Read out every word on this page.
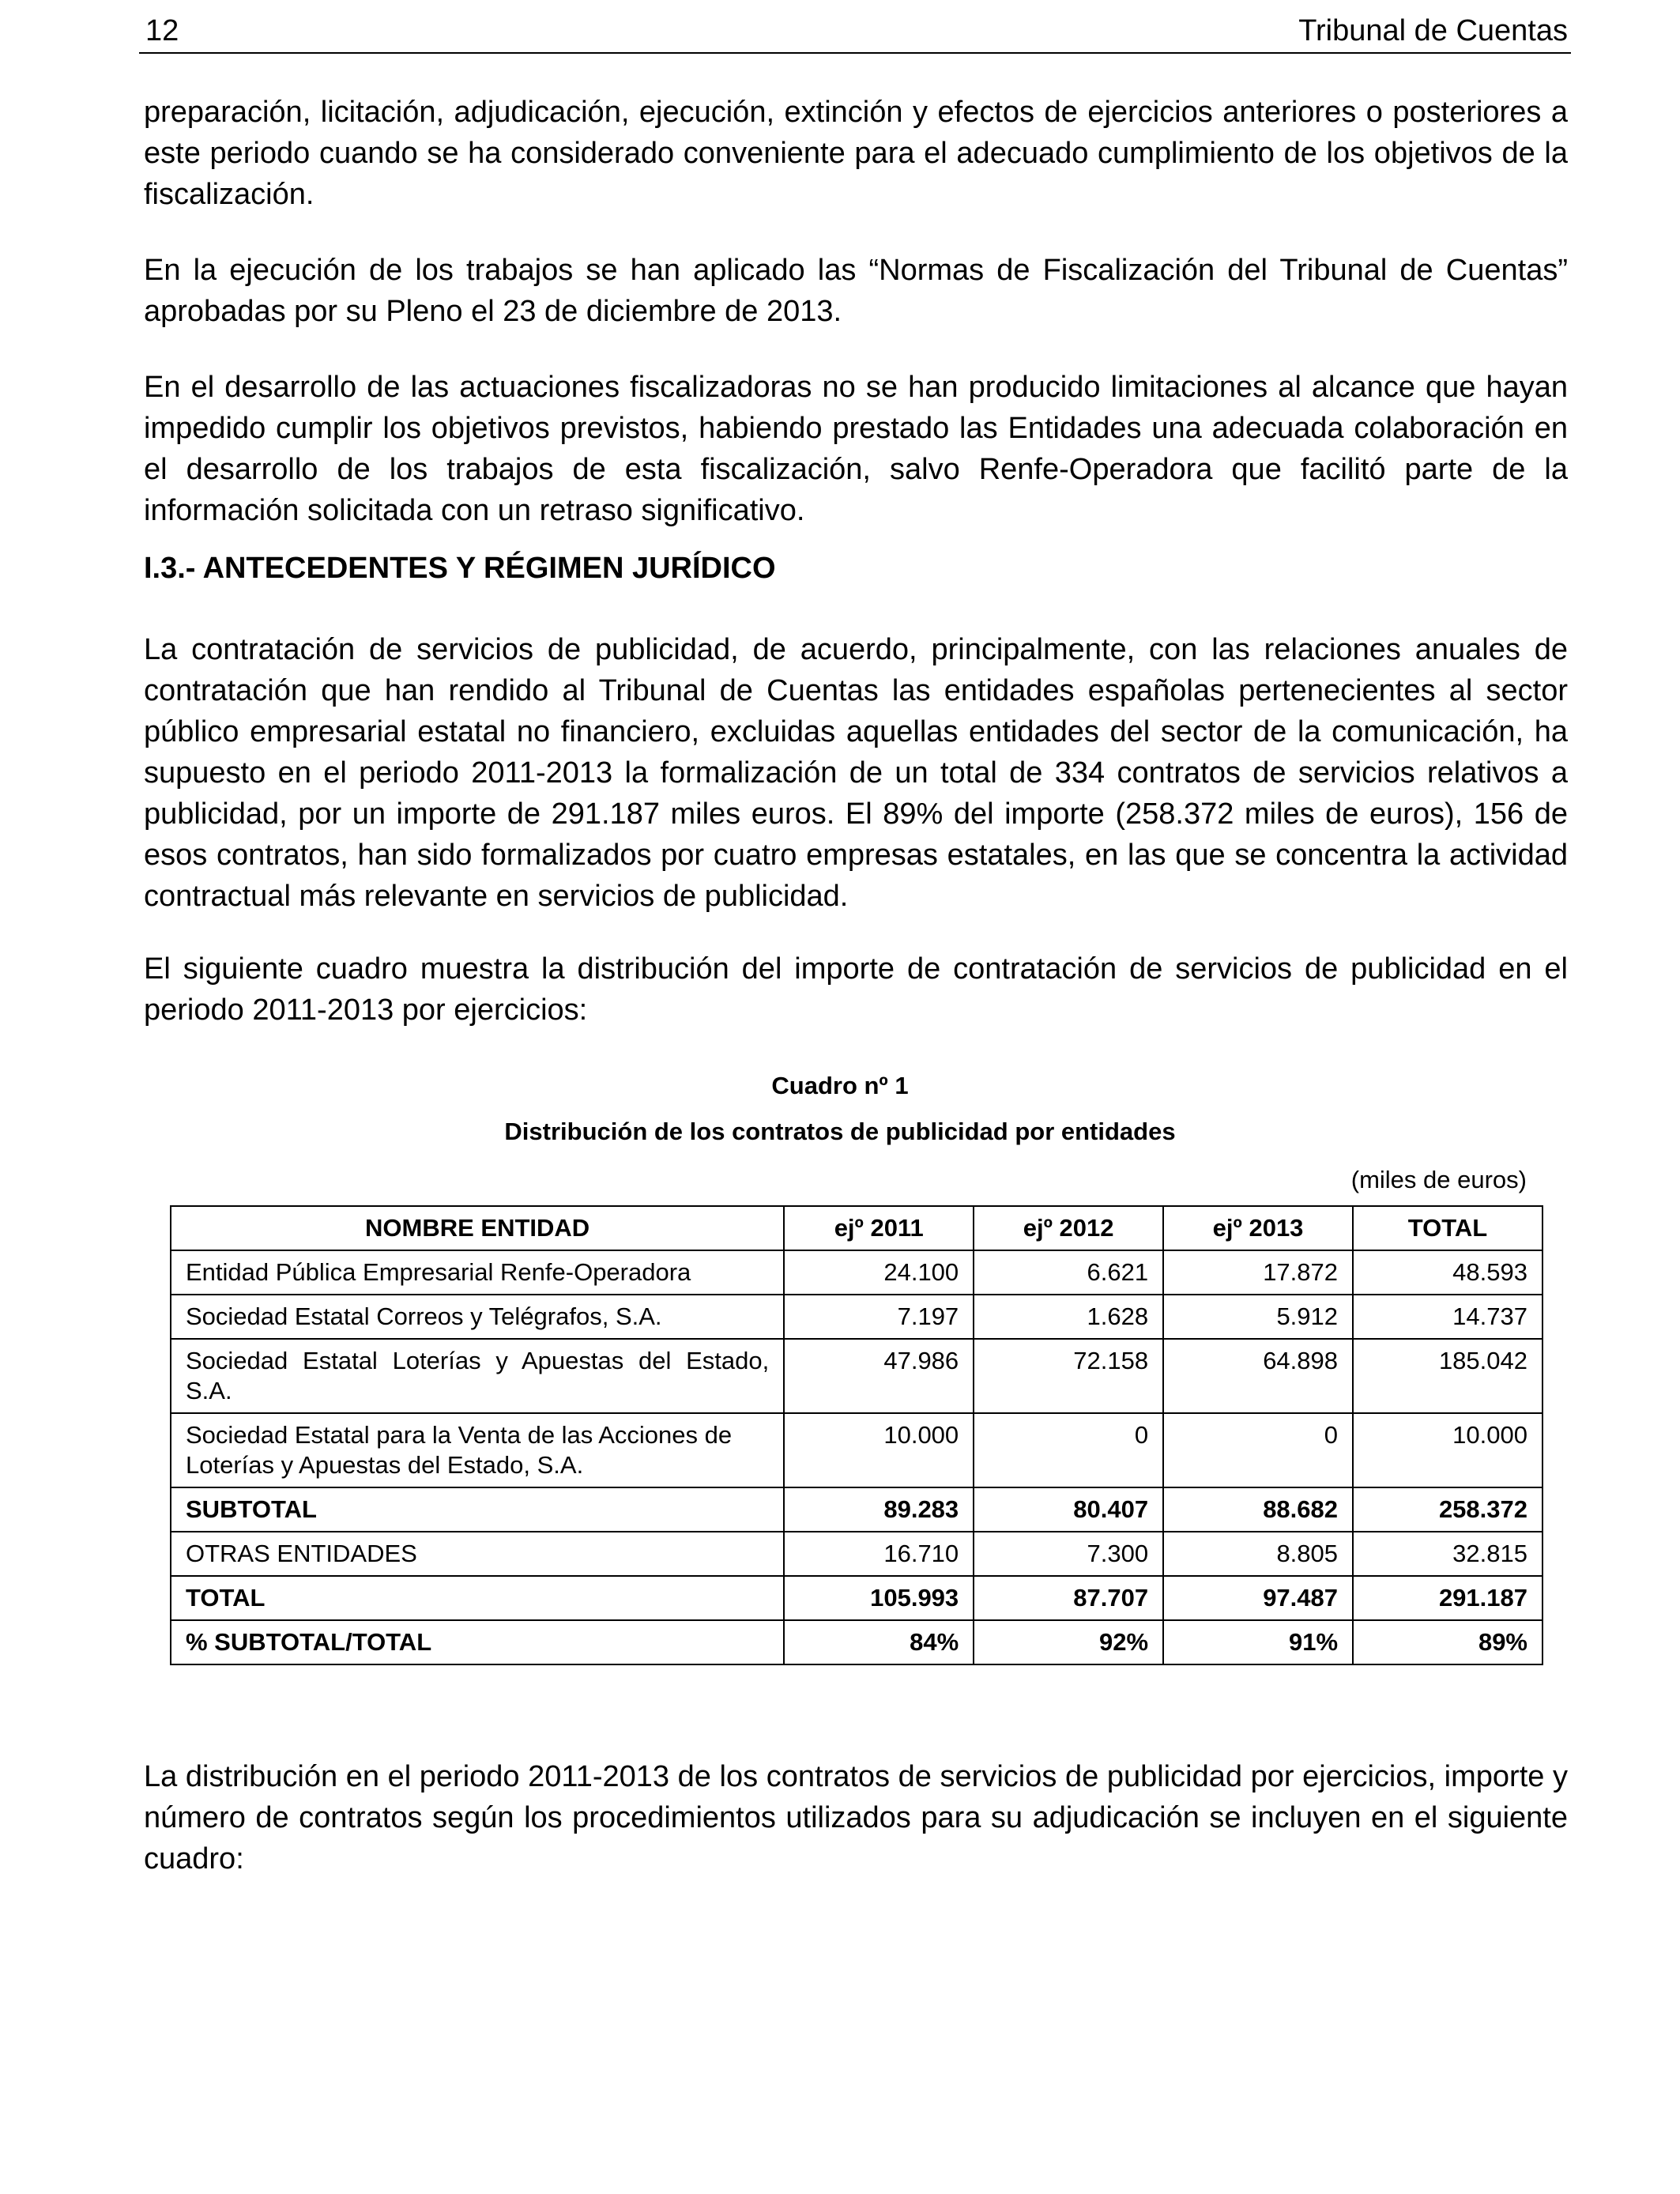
12	Tribunal de Cuentas

preparación, licitación, adjudicación, ejecución, extinción y efectos de ejercicios anteriores o posteriores a este periodo cuando se ha considerado conveniente para el adecuado cumplimiento de los objetivos de la fiscalización.

En la ejecución de los trabajos se han aplicado las “Normas de Fiscalización del Tribunal de Cuentas” aprobadas por su Pleno el 23 de diciembre de 2013.

En el desarrollo de las actuaciones fiscalizadoras no se han producido limitaciones al alcance que hayan impedido cumplir los objetivos previstos, habiendo prestado las Entidades una adecuada colaboración en el desarrollo de los trabajos de esta fiscalización, salvo Renfe-Operadora que facilitó parte de la información solicitada con un retraso significativo.

I.3.- ANTECEDENTES Y RÉGIMEN JURÍDICO

La contratación de servicios de publicidad, de acuerdo, principalmente, con las relaciones anuales de contratación que han rendido al Tribunal de Cuentas las entidades españolas pertenecientes al sector público empresarial estatal no financiero, excluidas aquellas entidades del sector de la comunicación, ha supuesto en el periodo 2011-2013 la formalización de un total de 334 contratos de servicios relativos a publicidad, por un importe de 291.187 miles euros. El 89% del importe (258.372 miles de euros), 156 de esos contratos, han sido formalizados por cuatro empresas estatales, en las que se concentra la actividad contractual más relevante en servicios de publicidad.

El siguiente cuadro muestra la distribución del importe de contratación de servicios de publicidad en el periodo 2011-2013 por ejercicios:

Cuadro nº 1
Distribución de los contratos de publicidad por entidades
(miles de euros)
NOMBRE ENTIDAD	ejº 2011	ejº 2012	ejº 2013	TOTAL
Entidad Pública Empresarial Renfe-Operadora	24.100	6.621	17.872	48.593
Sociedad Estatal Correos y Telégrafos, S.A.	7.197	1.628	5.912	14.737
Sociedad Estatal Loterías y Apuestas del Estado, S.A.	47.986	72.158	64.898	185.042
Sociedad Estatal para la Venta de las Acciones de Loterías y Apuestas del Estado, S.A.	10.000	0	0	10.000
SUBTOTAL	89.283	80.407	88.682	258.372
OTRAS ENTIDADES	16.710	7.300	8.805	32.815
TOTAL	105.993	87.707	97.487	291.187
% SUBTOTAL/TOTAL	84%	92%	91%	89%

La distribución en el periodo 2011-2013 de los contratos de servicios de publicidad por ejercicios, importe y número de contratos según los procedimientos utilizados para su adjudicación se incluyen en el siguiente cuadro:
